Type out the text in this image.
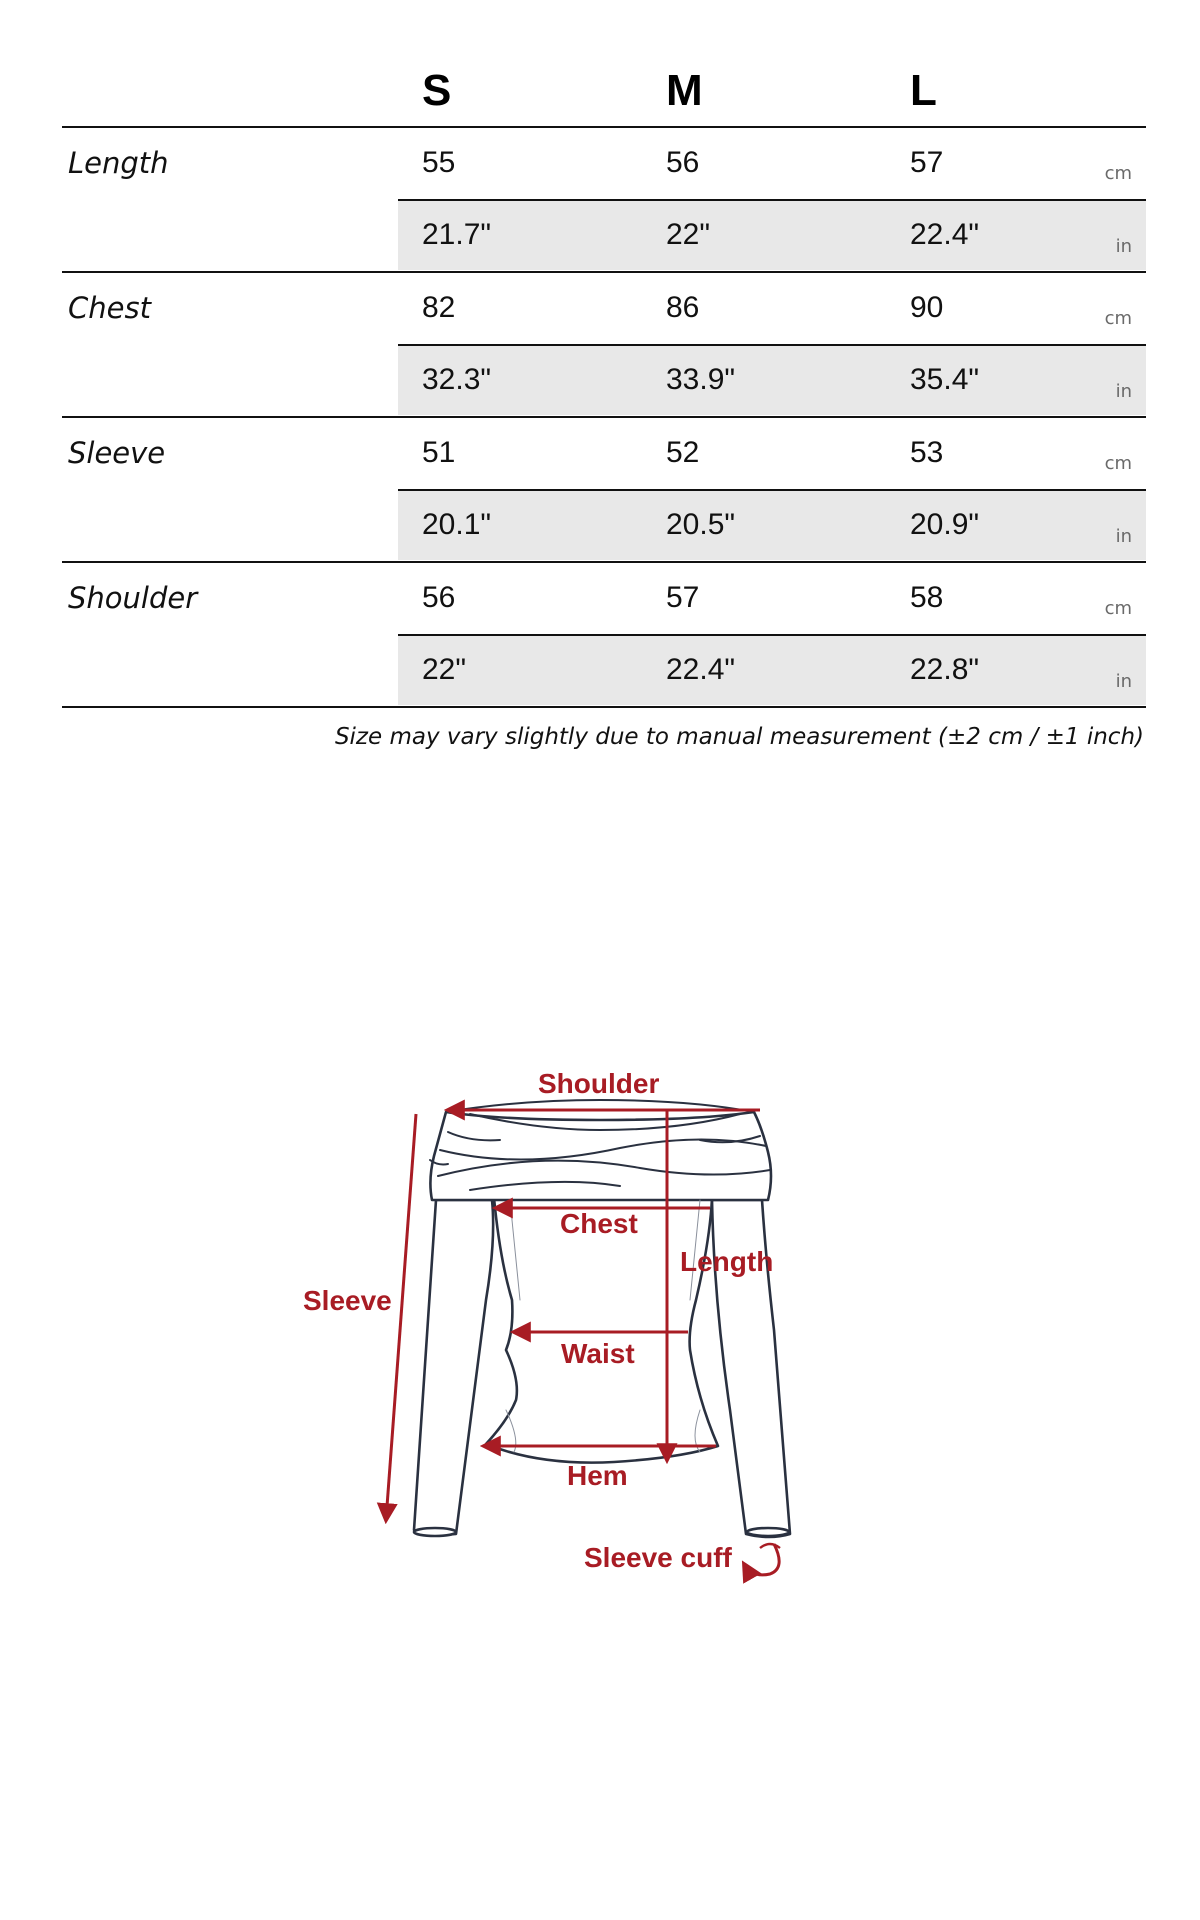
S	M	L
Length	55	56	57	cm
21.7"	22"	22.4"	in
Chest	82	86	90	cm
32.3"	33.9"	35.4"	in
Sleeve	51	52	53	cm
20.1"	20.5"	20.9"	in
Shoulder	56	57	58	cm
22"	22.4"	22.8"	in
Size may vary slightly due to manual measurement (±2 cm / ±1 inch)
Shoulder
Chest
Length
Sleeve
Waist
Hem
Sleeve cuff
